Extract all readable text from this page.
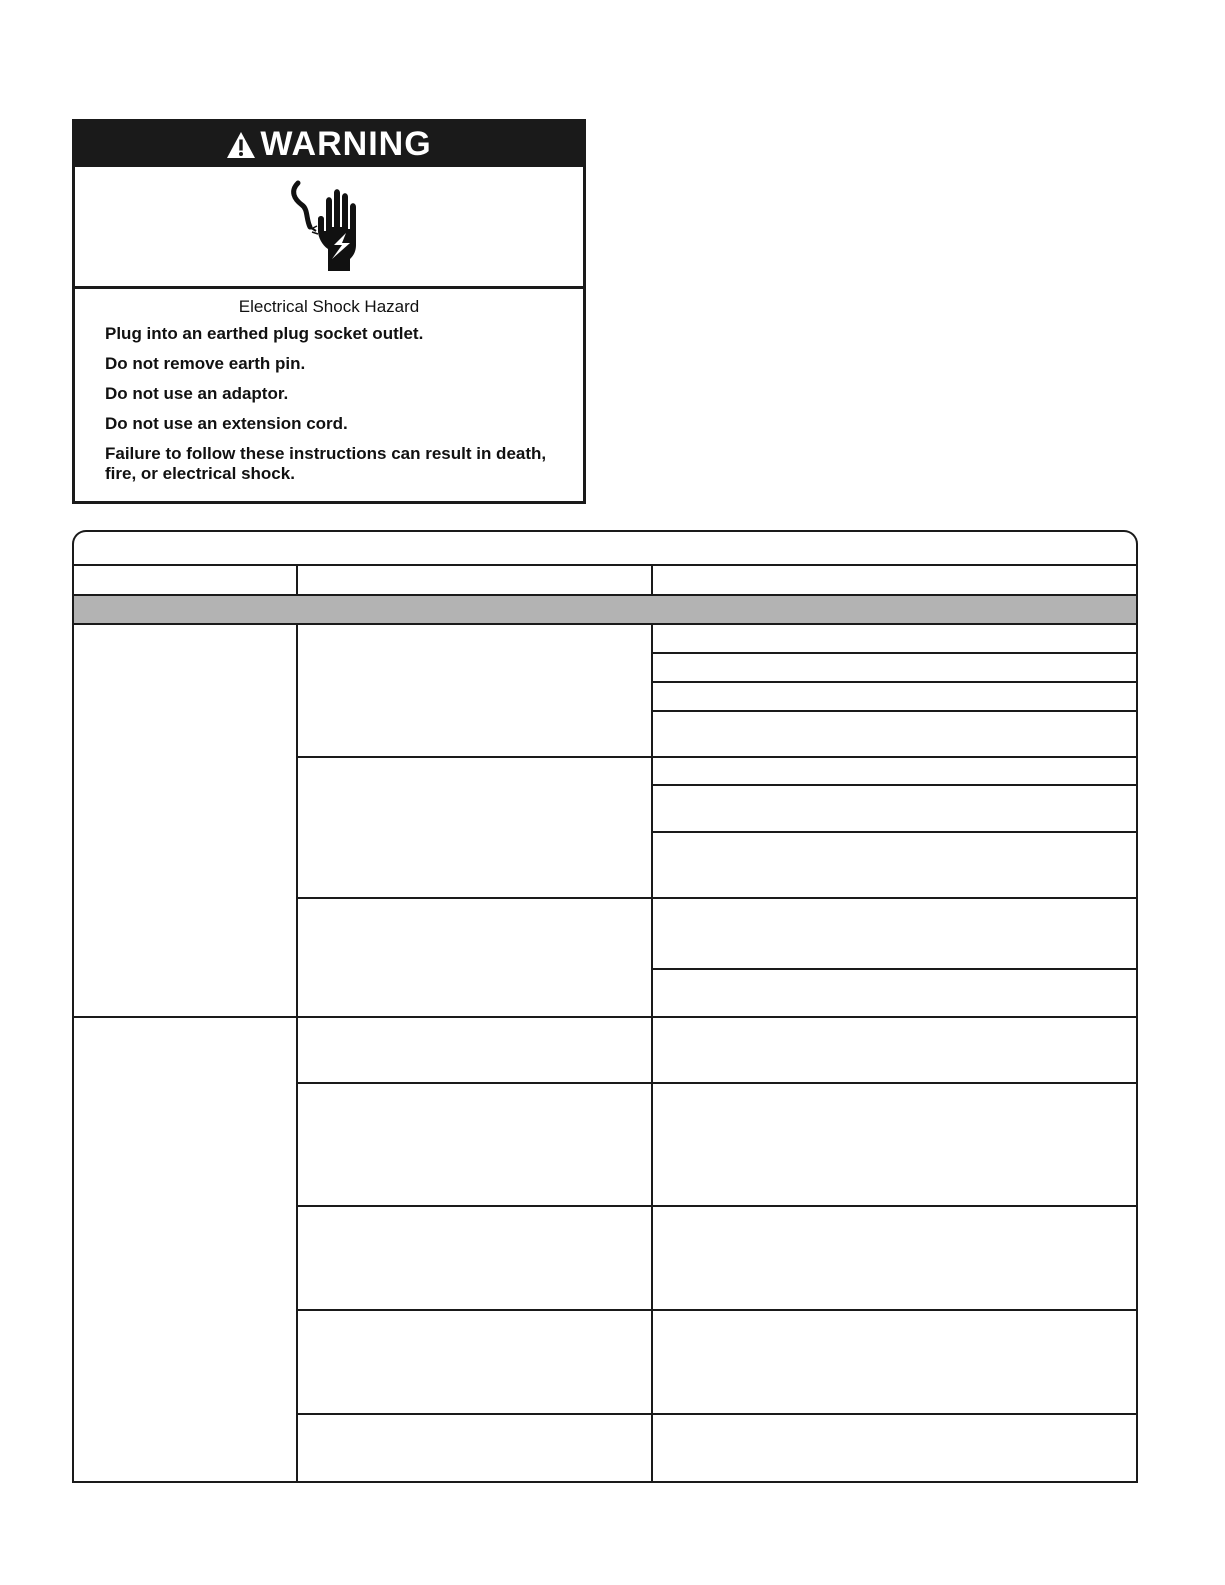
WARNING
Electrical Shock Hazard
Plug into an earthed plug socket outlet.
Do not remove earth pin.
Do not use an adaptor.
Do not use an extension cord.
Failure to follow these instructions can result in death, fire, or electrical shock.
